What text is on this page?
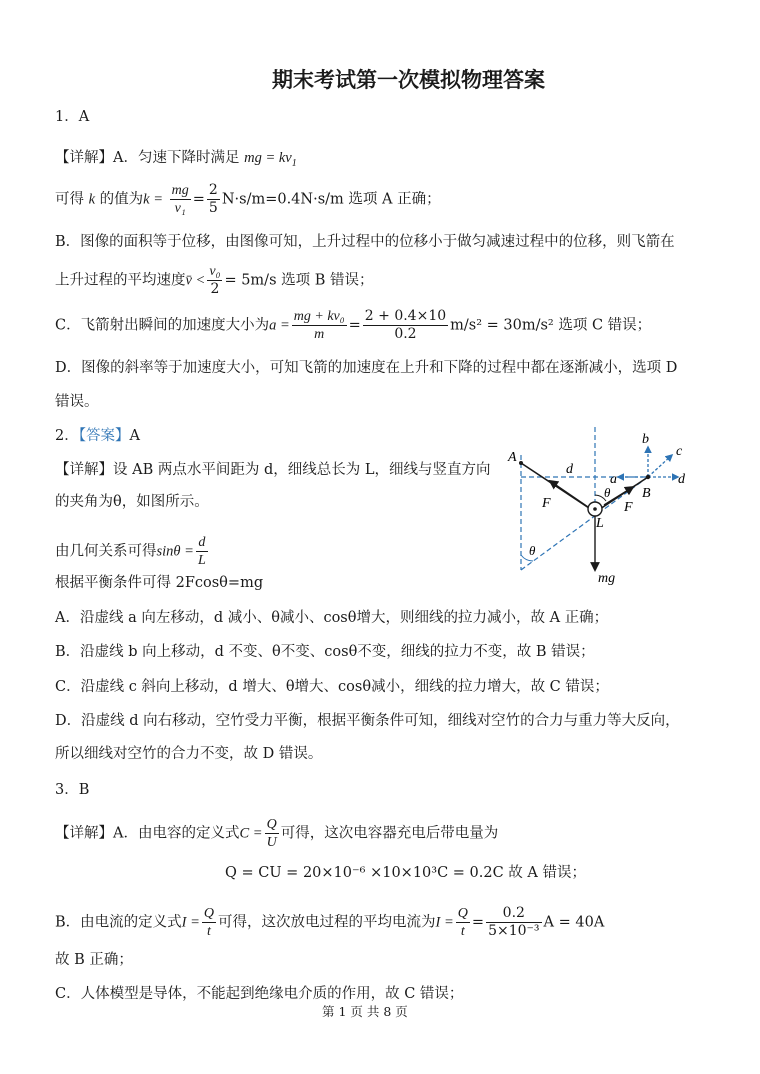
期末考试第一次模拟物理答案
1．A
【详解】A．匀速下降时满足 mg = $kv_1$
可得 k 的值为$k = \frac{mg}{\text{v₁}} = \frac{2}{5} N\cdot s/m=0.4N\cdot s/m$ 选项 A 正确；
B．图像的面积等于位移，由图像可知，上升过程中的位移小于做匀减速过程中的位移，则飞箭在
上升过程的平均速度v̄ < $\frac{\text{v₀}}{2} = 5m/s$ 选项 B 错误；
C．飞箭射出瞬间的加速度大小为$a = \frac{\text{mg + kv₀}}{m} = \frac{2 + 0.4\times 10}{0.2} m/s^2 = 30m/s^2$ 选项 C 错误；
D．图像的斜率等于加速度大小，可知飞箭的加速度在上升和下降的过程中都在逐渐减小，选项 D
错误。
2．【答案】A
【详解】设 AB 两点水平间距为 d，细线总长为 L，细线与竖直方向
的夹角为θ，如图所示。
由几何关系可得$\sin\theta = \frac{d}{L}$
根据平衡条件可得 2Fcosθ=mg
A．沿虚线 a 向左移动，d 减小、θ减小、cosθ增大，则细线的拉力减小，故 A 正确；
B．沿虚线 b 向上移动，d 不变、θ不变、cosθ不变，细线的拉力不变，故 B 错误；
C．沿虚线 c 斜向上移动，d 增大、θ增大、cosθ减小，细线的拉力增大，故 C 错误；
D．沿虚线 d 向右移动，空竹受力平衡，根据平衡条件可知，细线对空竹的合力与重力等大反向，
所以细线对空竹的合力不变，故 D 错误。
A
B
L
d
F	F
a
b
c
d
θ
θ
mg
3．B
【详解】A．由电容的定义式$C = \frac{Q}{U}$ 可得，这次电容器充电后带电量为
Q = CU = 20×10⁻⁶ ×10×10³C = 0.2C 故 A 错误；
B．由电流的定义式$I = \frac{Q}{t}$ 可得，这次放电过程的平均电流为$I = \frac{Q}{t} = \frac{0.2}{\text{5×10⁻³}}$ A = 40A
故 B 正确；
C．人体模型是导体，不能起到绝缘电介质的作用，故 C 错误；
第 1 页 共 8 页
